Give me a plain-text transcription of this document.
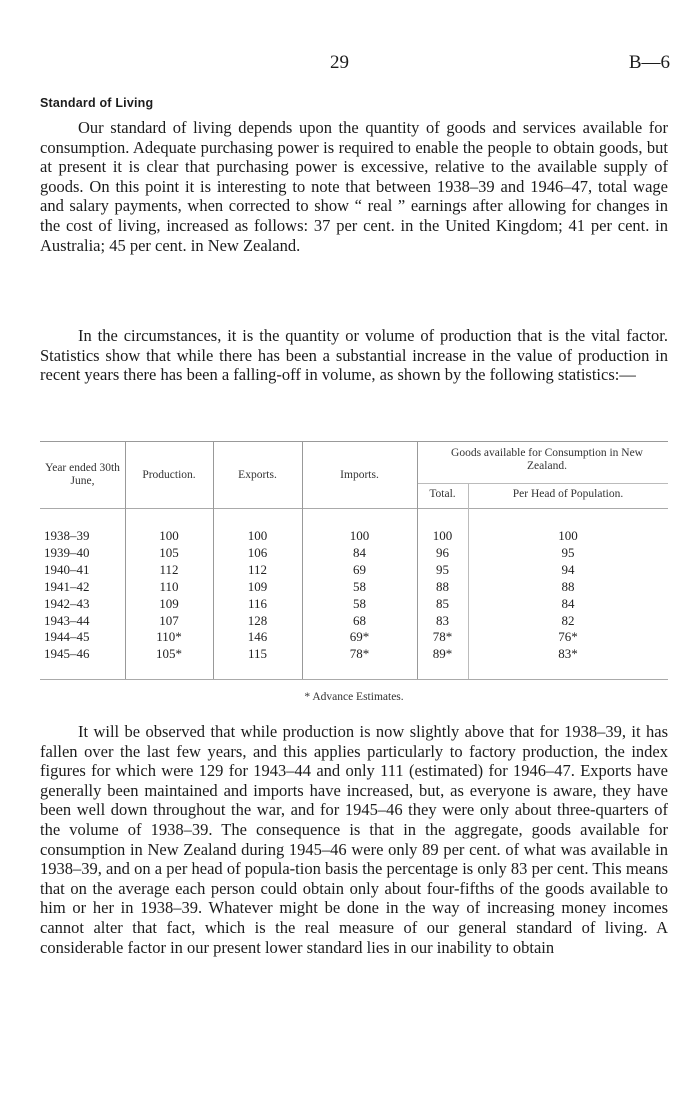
29	B—6
Standard of Living

Our standard of living depends upon the quantity of goods and services available for consumption. Adequate purchasing power is required to enable the people to obtain goods, but at present it is clear that purchasing power is excessive, relative to the available supply of goods. On this point it is interesting to note that between 1938–39 and 1946–47, total wage and salary payments, when corrected to show “ real ” earnings after allowing for changes in the cost of living, increased as follows: 37 per cent. in the United Kingdom; 41 per cent. in Australia; 45 per cent. in New Zealand.

In the circumstances, it is the quantity or volume of production that is the vital factor. Statistics show that while there has been a substantial increase in the value of production in recent years there has been a falling-off in volume, as shown by the following statistics:—

Year ended 30th June,	Production.	Exports.	Imports.
Goods available for Consumption in New Zealand.
Total.	Per Head of Population.
1938–39	100	100	100	100	100
1939–40	105	106	84	96	95
1940–41	112	112	69	95	94
1941–42	110	109	58	88	88
1942–43	109	116	58	85	84
1943–44	107	128	68	83	82
1944–45	110*	146	69*	78*	76*
1945–46	105*	115	78*	89*	83*
* Advance Estimates.

It will be observed that while production is now slightly above that for 1938–39, it has fallen over the last few years, and this applies particularly to factory production, the index figures for which were 129 for 1943–44 and only 111 (estimated) for 1946–47. Exports have generally been maintained and imports have increased, but, as everyone is aware, they have been well down throughout the war, and for 1945–46 they were only about three-quarters of the volume of 1938–39. The consequence is that in the aggregate, goods available for consumption in New Zealand during 1945–46 were only 89 per cent. of what was available in 1938–39, and on a per head of popula-tion basis the percentage is only 83 per cent. This means that on the average each person could obtain only about four-fifths of the goods available to him or her in 1938–39. Whatever might be done in the way of increasing money incomes cannot alter that fact, which is the real measure of our general standard of living. A considerable factor in our present lower standard lies in our inability to obtain
